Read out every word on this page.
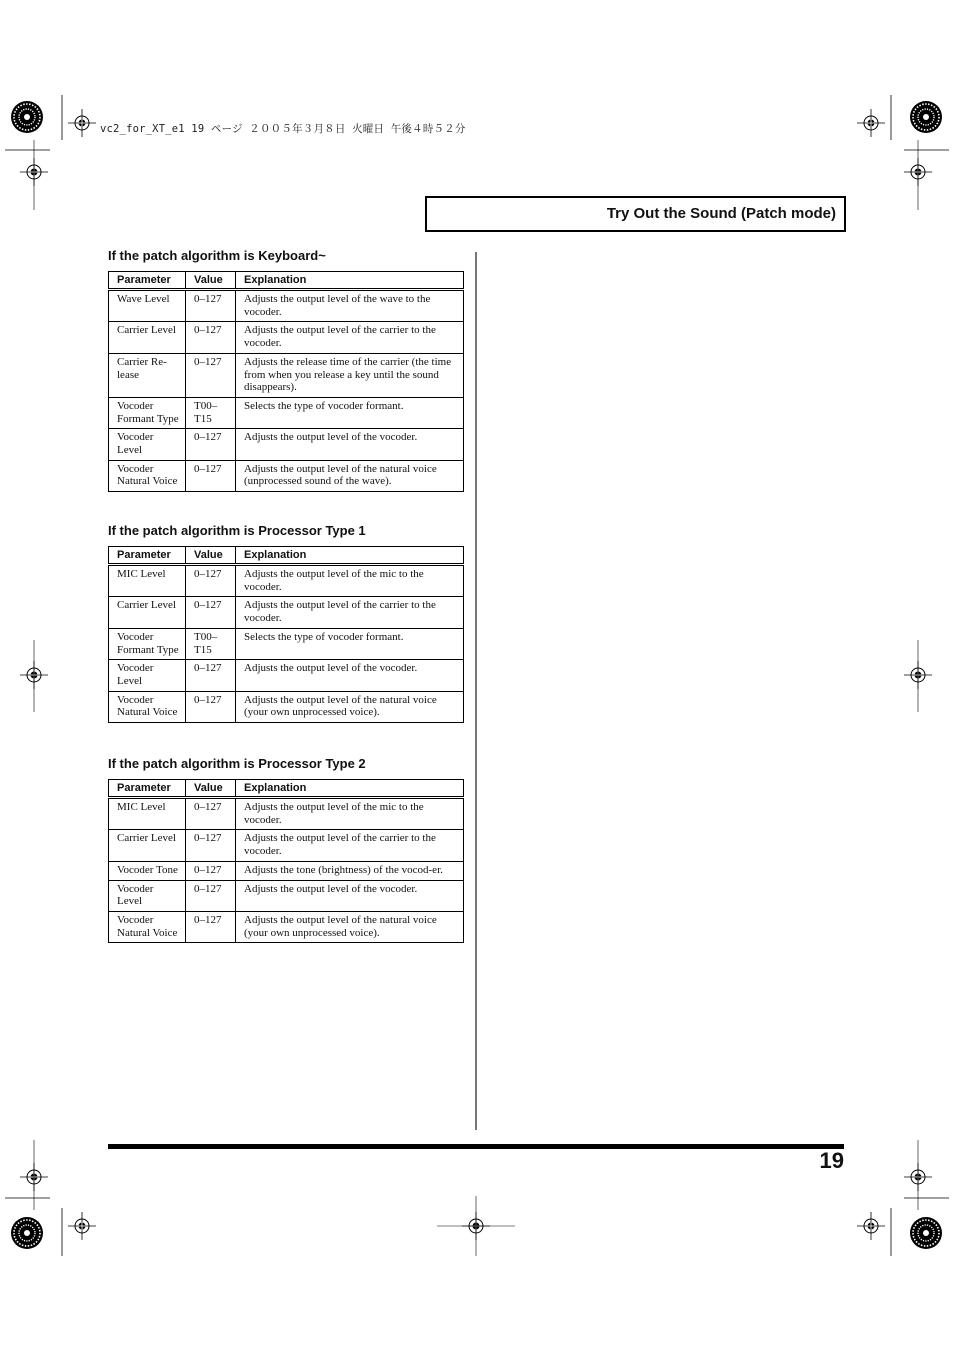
vc2_for_XT_e1 19 ページ ２００５年３月８日 火曜日 午後４時５２分
Try Out the Sound (Patch mode)
If the patch algorithm is Keyboard~
Parameter	Value	Explanation
Wave Level	0–127	Adjusts the output level of the wave to the vocoder.
Carrier Level	0–127	Adjusts the output level of the carrier to the vocoder.
Carrier Re-lease	0–127	Adjusts the release time of the carrier (the time from when you release a key until the sound disappears).
Vocoder Formant Type	T00–T15	Selects the type of vocoder formant.
Vocoder Level	0–127	Adjusts the output level of the vocoder.
Vocoder Natural Voice	0–127	Adjusts the output level of the natural voice (unprocessed sound of the wave).
If the patch algorithm is Processor Type 1
Parameter	Value	Explanation
MIC Level	0–127	Adjusts the output level of the mic to the vocoder.
Carrier Level	0–127	Adjusts the output level of the carrier to the vocoder.
Vocoder Formant Type	T00–T15	Selects the type of vocoder formant.
Vocoder Level	0–127	Adjusts the output level of the vocoder.
Vocoder Natural Voice	0–127	Adjusts the output level of the natural voice (your own unprocessed voice).
If the patch algorithm is Processor Type 2
Parameter	Value	Explanation
MIC Level	0–127	Adjusts the output level of the mic to the vocoder.
Carrier Level	0–127	Adjusts the output level of the carrier to the vocoder.
Vocoder Tone	0–127	Adjusts the tone (brightness) of the vocod-er.
Vocoder Level	0–127	Adjusts the output level of the vocoder.
Vocoder Natural Voice	0–127	Adjusts the output level of the natural voice (your own unprocessed voice).
19
